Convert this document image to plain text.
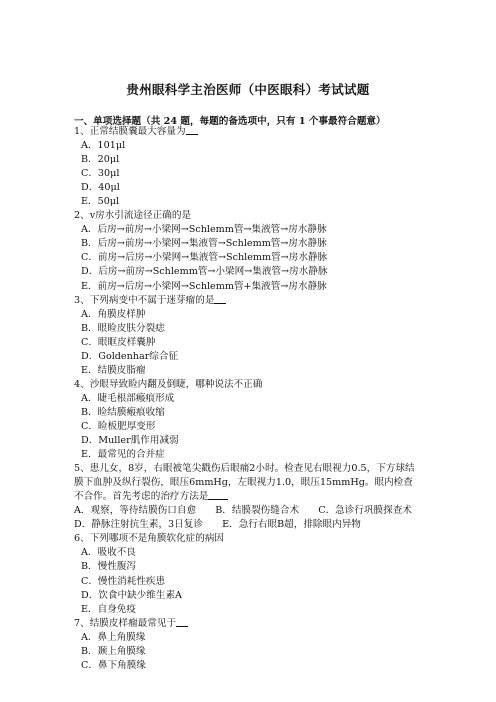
贵州眼科学主治医师（中医眼科）考试试题
一、单项选择题（共 24 题，每题的备选项中，只有 1 个事最符合题意）
1、正常结膜囊最大容量为
A．101μl
B．20μl
C．30μl
D．40μl
E．50μl
2、v房水引流途径正确的是
A．后房→前房→小梁网→Schlemm管→集液管→房水静脉
B．后房→前房→小梁网→集液管→Schlemm管→房水静脉
C．前房→后房→小梁网→集液管→Schlemm管→房水静脉
D．后房→前房→Schlemm管→小梁网→集液管→房水静脉
E．前房→后房→小梁网→Schlemm管+集液管→房水静脉
3、下列病变中不属于迷芽瘤的是
A．角膜皮样肿
B．眼睑皮肤分裂痣
C．眼眶皮样囊肿
D．Goldenhar综合征
E．结膜皮脂瘤
4、沙眼导致睑内翻及倒睫，哪种说法不正确
A．睫毛根部瘢痕形成
B．睑结膜瘢痕收缩
C．睑板肥厚变形
D．Muller肌作用减弱
E．最常见的合并症
5、患儿女，8岁，右眼被笔尖戳伤后眼痛2小时。检查见右眼视力0.5，下方球结膜下血肿及纵行裂伤，眼压6mmHg，左眼视力1.0，眼压15mmHg。眼内检查不合作。首先考虑的治疗方法是
A．观察，等待结膜伤口自愈　　B．结膜裂伤缝合术　　C．急诊行巩膜探查术　　D．静脉注射抗生素，3日复诊　　E．急行右眼B超，排除眼内异物
6、下列哪项不是角膜软化症的病因
A．吸收不良
B．慢性腹泻
C．慢性消耗性疾患
D．饮食中缺少维生素A
E．自身免疫
7、结膜皮样瘤最常见于
A．鼻上角膜缘
B．颞上角膜缘
C．鼻下角膜缘
